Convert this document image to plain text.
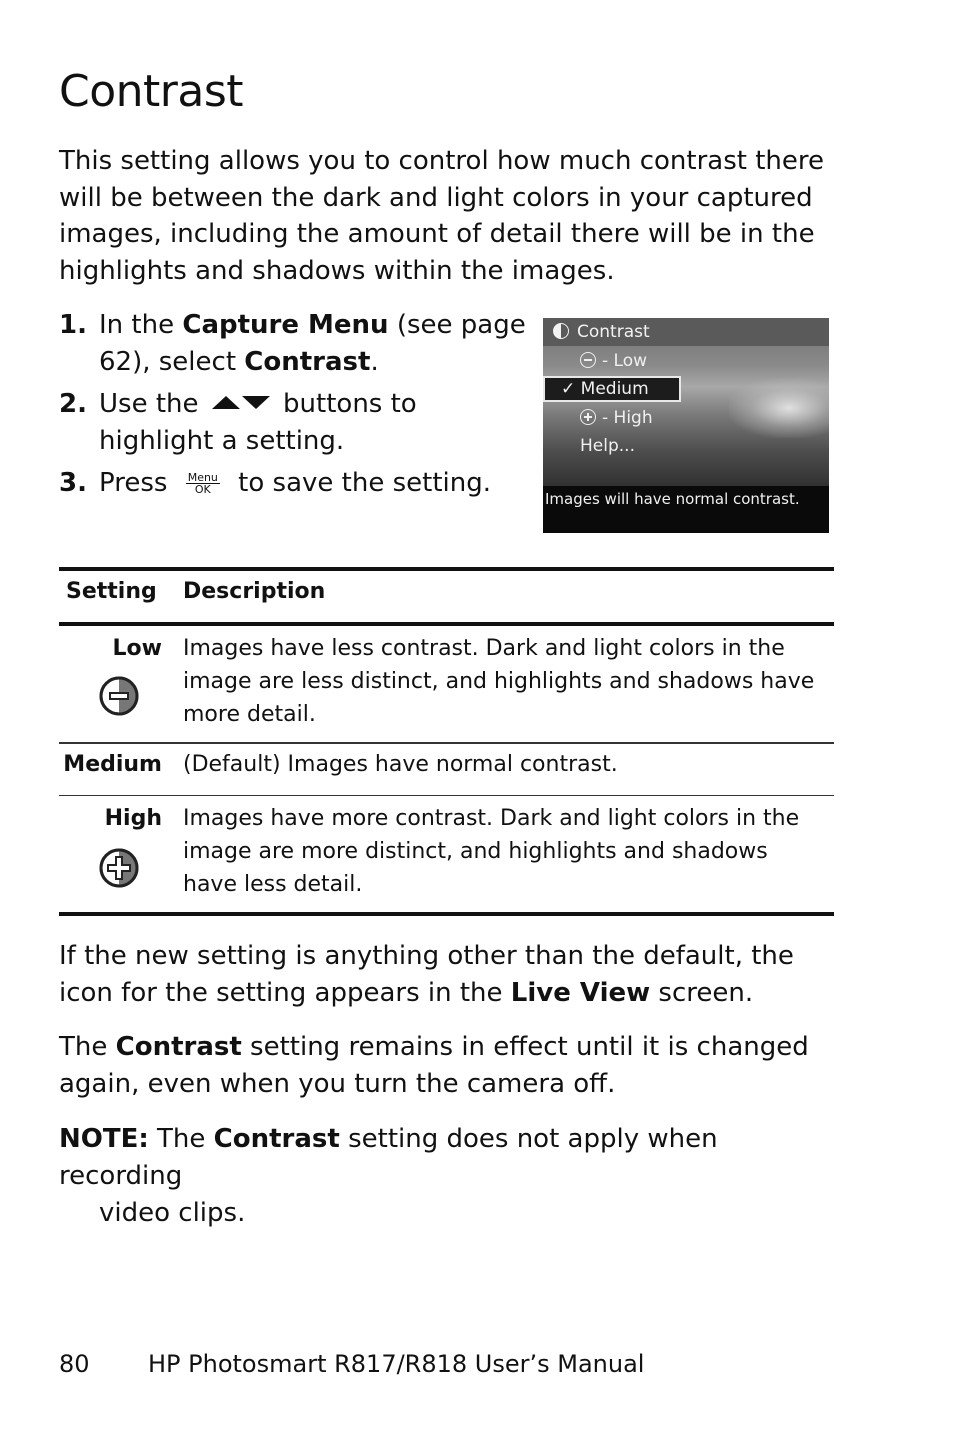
Contrast
This setting allows you to control how much contrast there will be between the dark and light colors in your captured images, including the amount of detail there will be in the highlights and shadows within the images.
1. In the Capture Menu (see page 62), select Contrast.
2. Use the	buttons to highlight a setting.
3. Press Menu
OK to save the setting.
Contrast
- Low
✓ Medium
- High
Help...
Images will have normal contrast.
Setting Description
Low Images have less contrast. Dark and light colors in the image are less distinct, and highlights and shadows have more detail.
Medium (Default) Images have normal contrast.
High Images have more contrast. Dark and light colors in the image are more distinct, and highlights and shadows have less detail.
If the new setting is anything other than the default, the icon for the setting appears in the Live View screen.
The Contrast setting remains in effect until it is changed again, even when you turn the camera off.
NOTE: The Contrast setting does not apply when recording
video clips.
80 HP Photosmart R817/R818 User’s Manual
